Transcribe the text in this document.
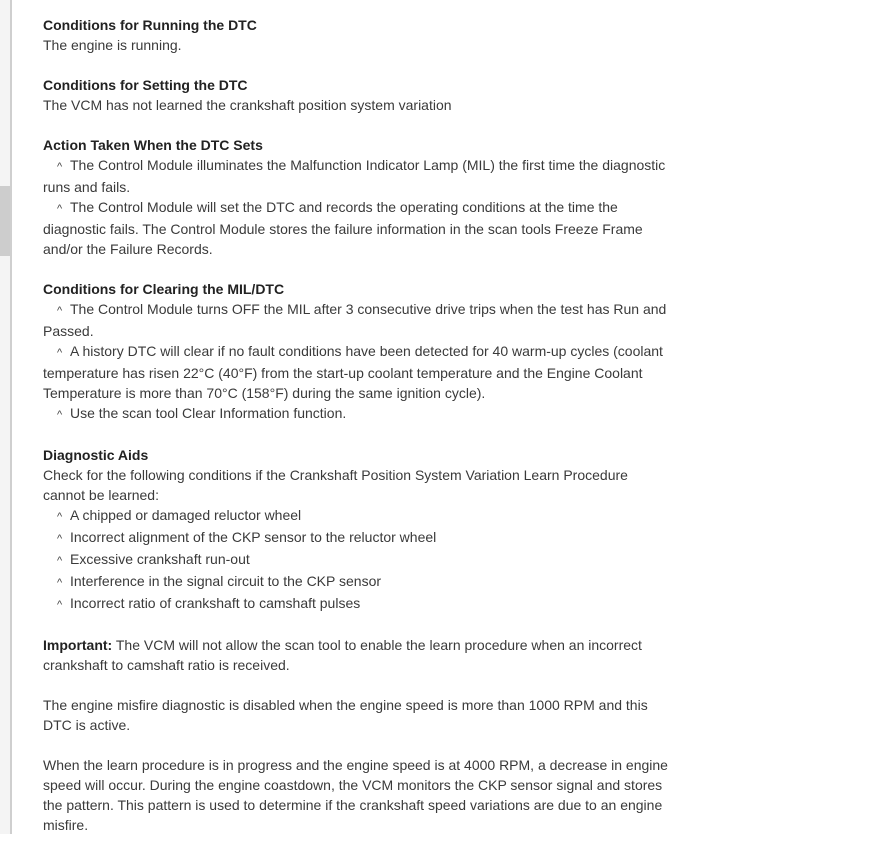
Conditions for Running the DTC

The engine is running.

Conditions for Setting the DTC

The VCM has not learned the crankshaft position system variation

Action Taken When the DTC Sets

^ The Control Module illuminates the Malfunction Indicator Lamp (MIL) the first time the diagnostic runs and fails.

^ The Control Module will set the DTC and records the operating conditions at the time the diagnostic fails. The Control Module stores the failure information in the scan tools Freeze Frame and/or the Failure Records.

Conditions for Clearing the MIL/DTC

^ The Control Module turns OFF the MIL after 3 consecutive drive trips when the test has Run and Passed.

^ A history DTC will clear if no fault conditions have been detected for 40 warm-up cycles (coolant temperature has risen 22°C (40°F) from the start-up coolant temperature and the Engine Coolant Temperature is more than 70°C (158°F) during the same ignition cycle).

^ Use the scan tool Clear Information function.

Diagnostic Aids

Check for the following conditions if the Crankshaft Position System Variation Learn Procedure cannot be learned:

^ A chipped or damaged reluctor wheel

^ Incorrect alignment of the CKP sensor to the reluctor wheel

^ Excessive crankshaft run-out

^ Interference in the signal circuit to the CKP sensor

^ Incorrect ratio of crankshaft to camshaft pulses

Important: The VCM will not allow the scan tool to enable the learn procedure when an incorrect crankshaft to camshaft ratio is received.

The engine misfire diagnostic is disabled when the engine speed is more than 1000 RPM and this DTC is active.

When the learn procedure is in progress and the engine speed is at 4000 RPM, a decrease in engine speed will occur. During the engine coastdown, the VCM monitors the CKP sensor signal and stores the pattern. This pattern is used to determine if the crankshaft speed variations are due to an engine misfire.
